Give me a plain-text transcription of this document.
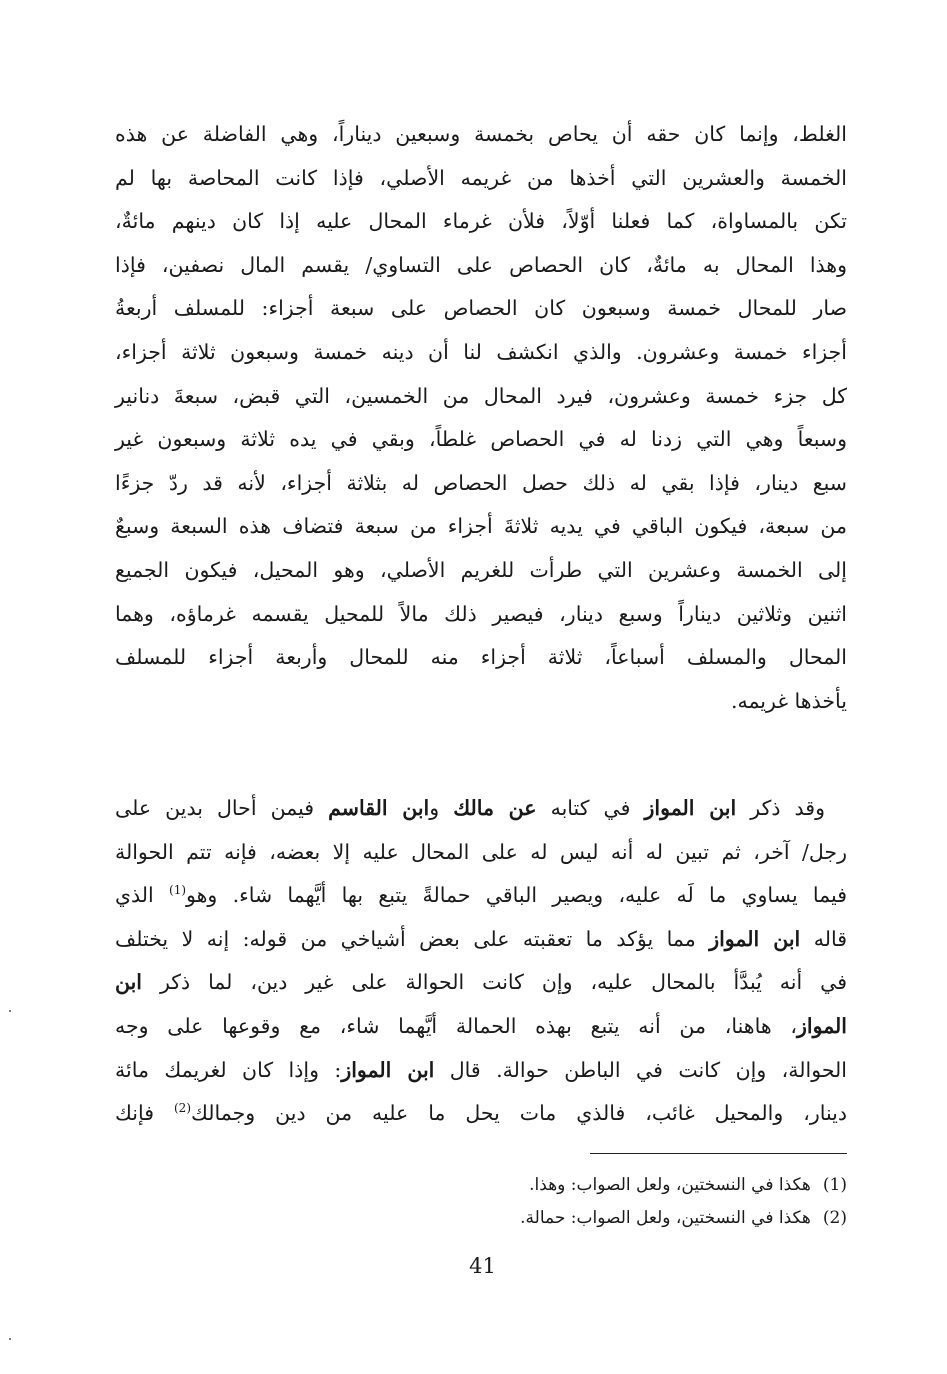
الغلط، وإنما كان حقه أن يحاص بخمسة وسبعين ديناراً، وهي الفاضلة عن هذه
الخمسة والعشرين التي أخذها من غريمه الأصلي، فإذا كانت المحاصة بها لم
تكن بالمساواة، كما فعلنا أوّلاً، فلأن غرماء المحال عليه إذا كان دينهم مائةٌ،
وهذا المحال به مائةٌ، كان الحصاص على التساوي/ يقسم المال نصفين، فإذا
صار للمحال خمسة وسبعون كان الحصاص على سبعة أجزاء: للمسلف أربعةُ
أجزاء خمسة وعشرون. والذي انكشف لنا أن دينه خمسة وسبعون ثلاثة أجزاء،
كل جزء خمسة وعشرون، فيرد المحال من الخمسين، التي قبض، سبعةَ دنانير
وسبعاً وهي التي زدنا له في الحصاص غلطاً، وبقي في يده ثلاثة وسبعون غير
سبع دينار، فإذا بقي له ذلك حصل الحصاص له بثلاثة أجزاء، لأنه قد ردّ جزءًا
من سبعة، فيكون الباقي في يديه ثلاثةَ أجزاء من سبعة فتضاف هذه السبعة وسبعٌ
إلى الخمسة وعشرين التي طرأت للغريم الأصلي، وهو المحيل، فيكون الجميع
اثنين وثلاثين ديناراً وسبع دينار، فيصير ذلك مالاً للمحيل يقسمه غرماؤه، وهما
المحال والمسلف أسباعاً، ثلاثة أجزاء منه للمحال وأربعة أجزاء للمسلف
يأخذها غريمه.
وقد ذكر ابن المواز في كتابه عن مالك وابن القاسم فيمن أحال بدين على
رجل/ آخر، ثم تبين له أنه ليس له على المحال عليه إلا بعضه، فإنه تتم الحوالة
فيما يساوي ما لَه عليه، ويصير الباقي حمالةً يتبع بها أيَّهما شاء. وهو$^{(1)}$ الذي
قاله ابن المواز مما يؤكد ما تعقبته على بعض أشياخي من قوله: إنه لا يختلف
في أنه يُبدَّأ بالمحال عليه، وإن كانت الحوالة على غير دين، لما ذكر ابن
المواز، هاهنا، من أنه يتبع بهذه الحمالة أيَّهما شاء، مع وقوعها على وجه
الحوالة، وإن كانت في الباطن حوالة. قال ابن المواز: وإذا كان لغريمك مائة
دينار، والمحيل غائب، فالذي مات يحل ما عليه من دين وجمالك$^{(2)}$ فإنك
(1)هكذا في النسختين، ولعل الصواب: وهذا.
(2)هكذا في النسختين، ولعل الصواب: حمالة.
41
